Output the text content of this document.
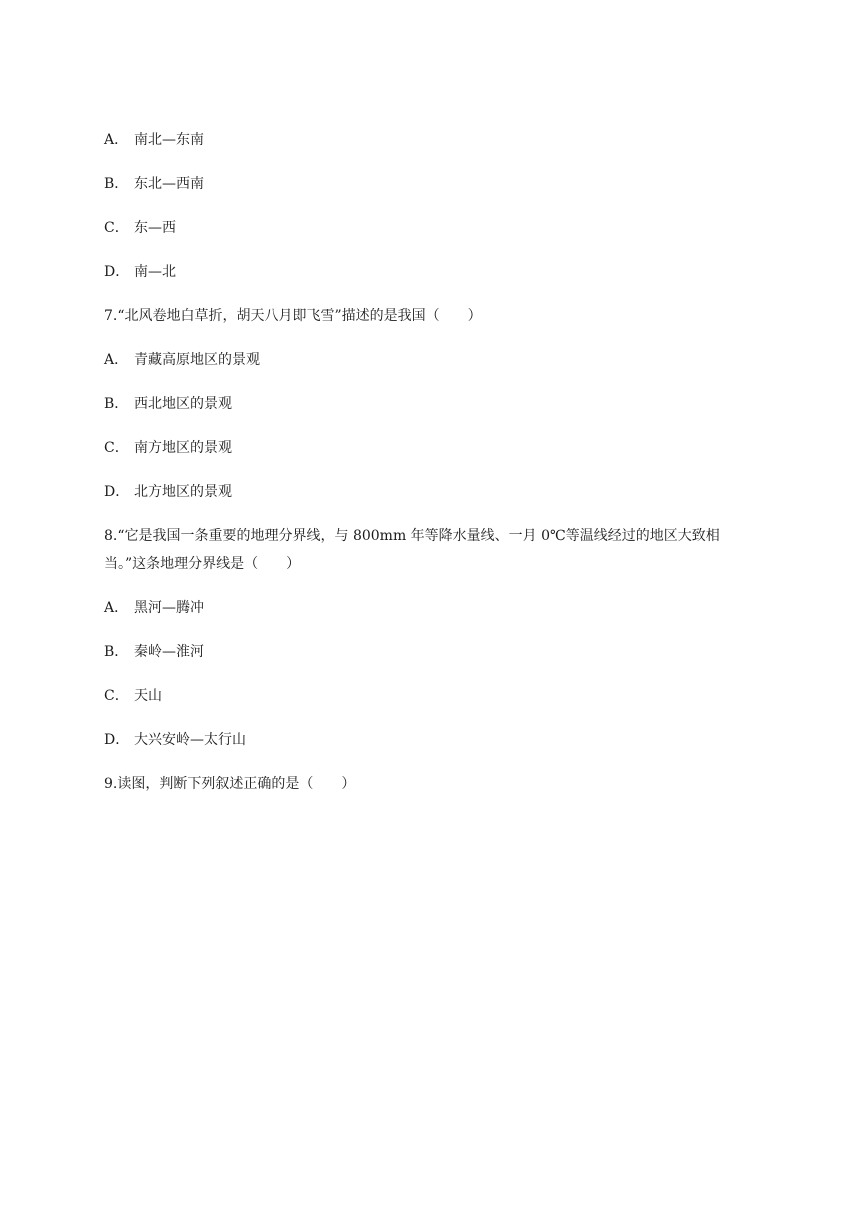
A． 南北—东南
B． 东北—西南
C． 东—西
D． 南—北
7.“北风卷地白草折，胡天八月即飞雪”描述的是我国（　　）
A． 青藏高原地区的景观
B． 西北地区的景观
C． 南方地区的景观
D． 北方地区的景观
8.“它是我国一条重要的地理分界线，与 800mm 年等降水量线、一月 0℃等温线经过的地区大致相
当。”这条地理分界线是（　　）
A． 黑河—腾冲
B． 秦岭—淮河
C． 天山
D． 大兴安岭—太行山
9.读图，判断下列叙述正确的是（　　）
